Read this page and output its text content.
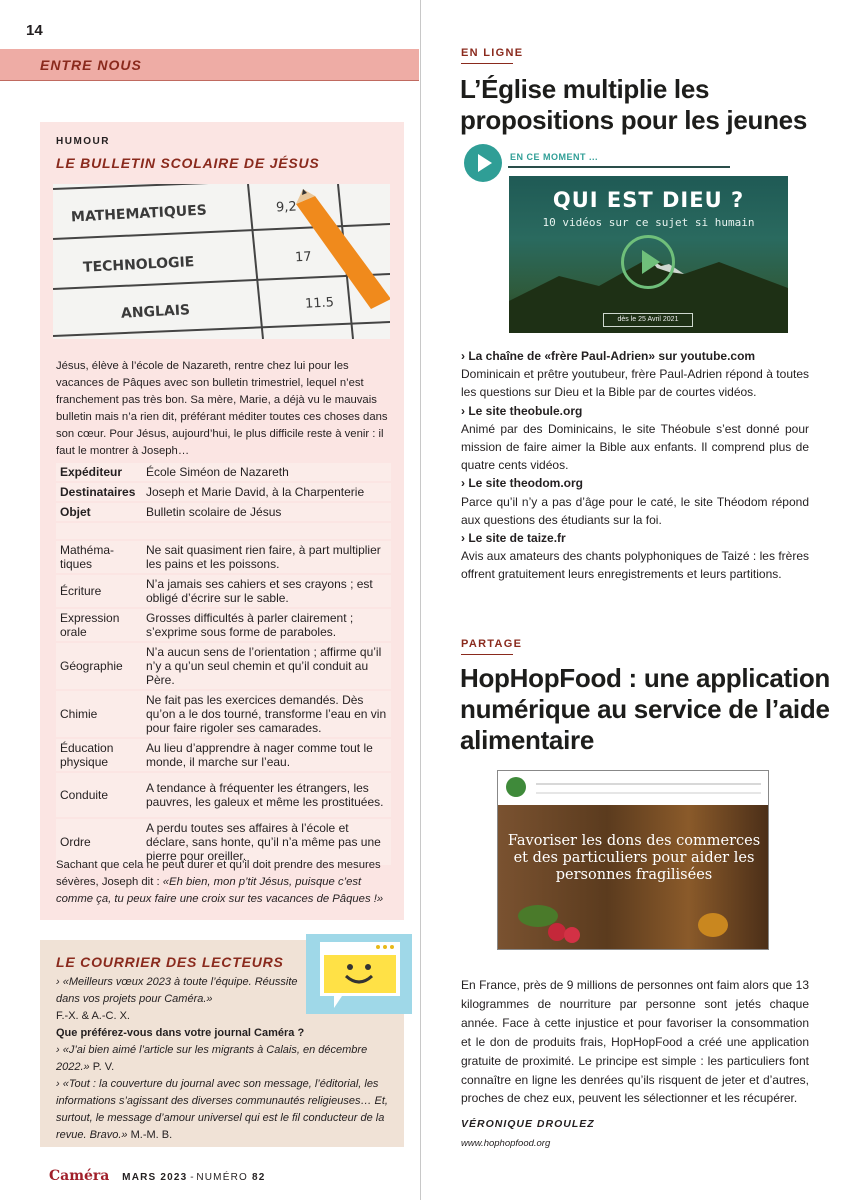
14
ENTRE NOUS
HUMOUR
LE BULLETIN SCOLAIRE DE JÉSUS
MATHEMATIQUES	9,2
TECHNOLOGIE	17
ANGLAIS	11.5

Jésus, élève à l’école de Nazareth, rentre chez lui pour les vacances de Pâques avec son bulletin trimestriel, lequel n’est franchement pas très bon. Sa mère, Marie, a déjà vu le mauvais bulletin mais n’a rien dit, préférant méditer toutes ces choses dans son cœur. Pour Jésus, aujourd’hui, le plus difficile reste à venir : il faut le montrer à Joseph…

Expéditeur	École Siméon de Nazareth
Destinataires	Joseph et Marie David, à la Charpenterie
Objet	Bulletin scolaire de Jésus

Mathéma-tiques	Ne sait quasiment rien faire, à part multiplier les pains et les poissons.
Écriture	N’a jamais ses cahiers et ses crayons ; est obligé d’écrire sur le sable.
Expression orale	Grosses difficultés à parler clairement ; s’exprime sous forme de paraboles.
Géographie	N’a aucun sens de l’orientation ; affirme qu’il n’y a qu’un seul chemin et qu’il conduit au Père.
Chimie	Ne fait pas les exercices demandés. Dès qu’on a le dos tourné, transforme l’eau en vin pour faire rigoler ses camarades.
Éducation physique	Au lieu d’apprendre à nager comme tout le monde, il marche sur l’eau.
Conduite	A tendance à fréquenter les étrangers, les pauvres, les galeux et même les prostituées.
Ordre	A perdu toutes ses affaires à l’école et déclare, sans honte, qu’il n’a même pas une pierre pour oreiller.

Sachant que cela ne peut durer et qu’il doit prendre des mesures sévères, Joseph dit : «Eh bien, mon p’tit Jésus, puisque c’est comme ça, tu peux faire une croix sur tes vacances de Pâques !»

LE COURRIER DES LECTEURS
› «Meilleurs vœux 2023 à toute l’équipe. Réussite dans vos projets pour Caméra.»
F.-X. & A.-C. X.
Que préférez-vous dans votre journal Caméra ?
› «J’ai bien aimé l’article sur les migrants à Calais, en décembre 2022.» P. V.
› «Tout : la couverture du journal avec son message, l’éditorial, les informations s’agissant des diverses communautés religieuses… Et, surtout, le message d’amour universel qui est le fil conducteur de la revue. Bravo.» M.-M. B.
Caméra MARS 2023 - NUMÉRO 82
EN LIGNE
L’Église multiplie les propositions pour les jeunes
EN CE MOMENT ...
QUI EST DIEU ?
10 vidéos sur ce sujet si humain
dès le 25 Avril 2021
› La chaîne de «frère Paul-Adrien» sur youtube.com

Dominicain et prêtre youtubeur, frère Paul-Adrien répond à toutes les questions sur Dieu et la Bible par de courtes vidéos.

› Le site theobule.org

Animé par des Dominicains, le site Théobule s’est donné pour mission de faire aimer la Bible aux enfants. Il comprend plus de quatre cents vidéos.

› Le site theodom.org

Parce qu’il n’y a pas d’âge pour le caté, le site Théodom répond aux questions des étudiants sur la foi.

› Le site de taize.fr

Avis aux amateurs des chants polyphoniques de Taizé : les frères offrent gratuitement leurs enregistrements et leurs partitions.

PARTAGE
HopHopFood : une application numérique au service de l’aide alimentaire
Favoriser les dons des commerces et des particuliers pour aider les personnes fragilisées

En France, près de 9 millions de personnes ont faim alors que 13 kilogrammes de nourriture par personne sont jetés chaque année. Face à cette injustice et pour favoriser la consommation et le don de produits frais, HopHopFood a créé une application gratuite de proximité. Le principe est simple : les particuliers font connaître en ligne les denrées qu’ils risquent de jeter et d’autres, proches de chez eux, peuvent les sélectionner et les récupérer.

VÉRONIQUE DROULEZ
www.hophopfood.org
